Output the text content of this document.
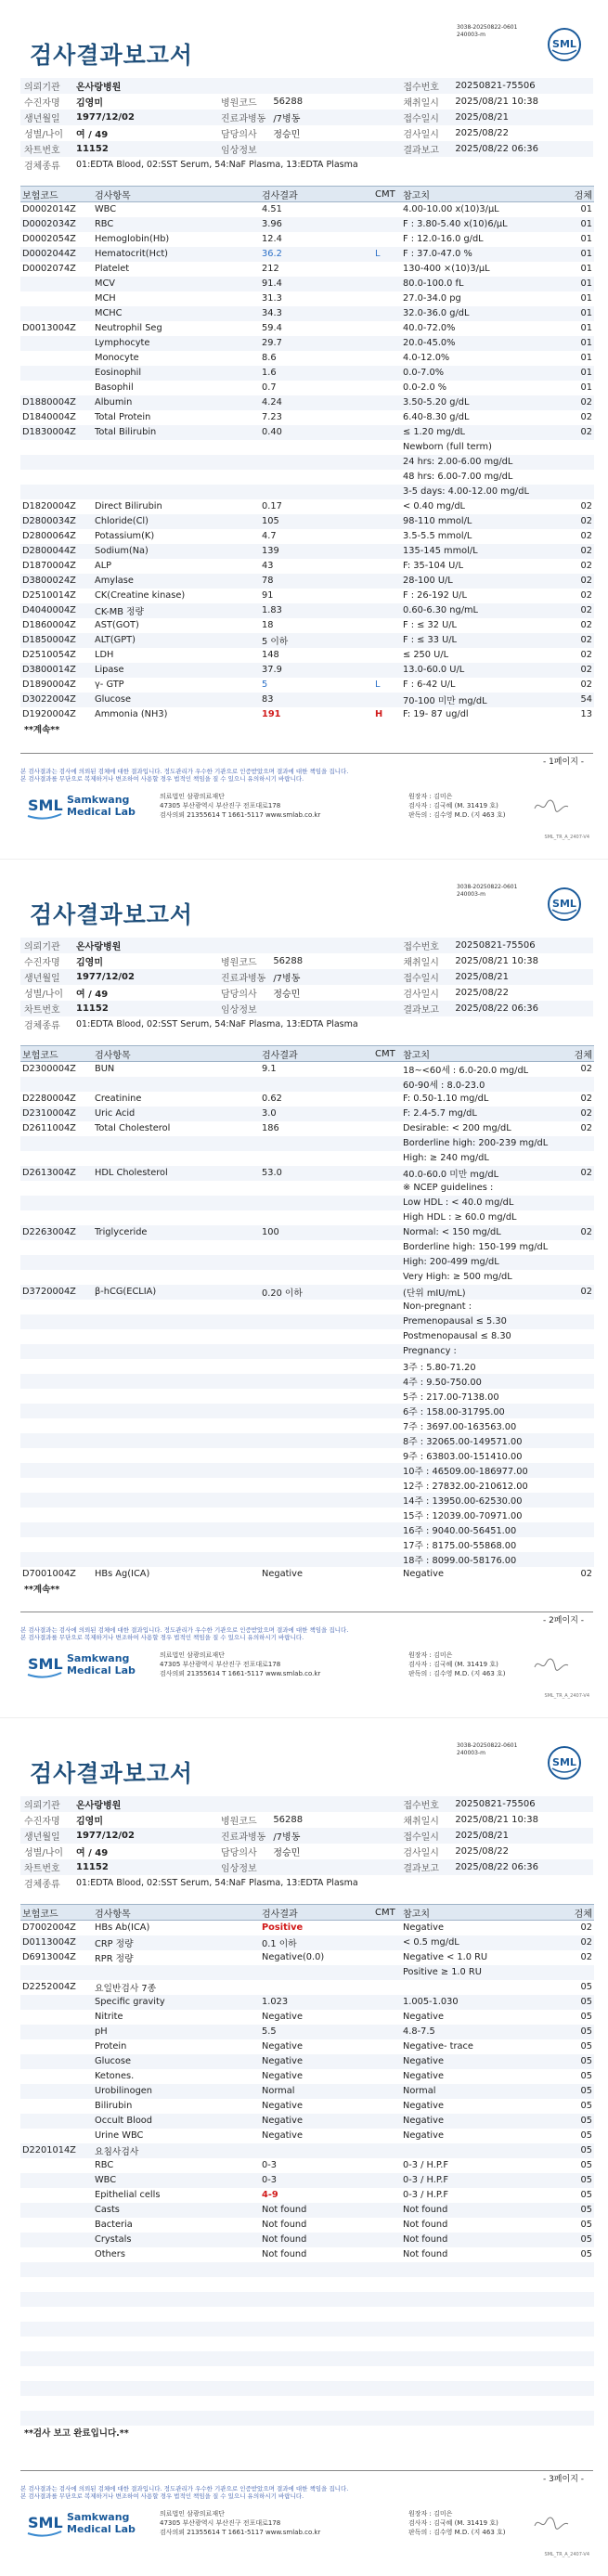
검사결과보고서
3038-20250822-0601
240003-m
SML
의뢰기관	온사랑병원			접수번호	20250821-75506
수진자명	김영미	병원코드	56288	채취일시	2025/08/21 10:38
생년월일	1977/12/02	진료과병동	/7병동	접수일시	2025/08/21
성별/나이	여 / 49	담당의사	정승민	검사일시	2025/08/22
차트번호	11152	임상정보		결과보고	2025/08/22 06:36
검체종류	01:EDTA Blood, 02:SST Serum, 54:NaF Plasma, 13:EDTA Plasma				
보험코드	검사항목	검사결과	CMT	참고치	검체
D0002014Z	WBC	4.51		4.00-10.00 x(10)3/μL	01
D0002034Z	RBC	3.96		F : 3.80-5.40 x(10)6/μL	01
D0002054Z	Hemoglobin(Hb)	12.4		F : 12.0-16.0 g/dL	01
D0002044Z	Hematocrit(Hct)	36.2	L	F : 37.0-47.0 %	01
D0002074Z	Platelet	212		130-400 ×(10)3/μL	01
	MCV	91.4		80.0-100.0 fL	01
	MCH	31.3		27.0-34.0 pg	01
	MCHC	34.3		32.0-36.0 g/dL	01
D0013004Z	Neutrophil Seg	59.4		40.0-72.0%	01
	Lymphocyte	29.7		20.0-45.0%	01
	Monocyte	8.6		4.0-12.0%	01
	Eosinophil	1.6		0.0-7.0%	01
	Basophil	0.7		0.0-2.0 %	01
D1880004Z	Albumin	4.24		3.50-5.20 g/dL	02
D1840004Z	Total Protein	7.23		6.40-8.30 g/dL	02
D1830004Z	Total Bilirubin	0.40		≤ 1.20 mg/dL	02
				Newborn (full term)	
				24 hrs: 2.00-6.00 mg/dL	
				48 hrs: 6.00-7.00 mg/dL	
				3-5 days: 4.00-12.00 mg/dL	
D1820004Z	Direct Bilirubin	0.17		< 0.40 mg/dL	02
D2800034Z	Chloride(Cl)	105		98-110 mmol/L	02
D2800064Z	Potassium(K)	4.7		3.5-5.5 mmol/L	02
D2800044Z	Sodium(Na)	139		135-145 mmol/L	02
D1870004Z	ALP	43		F: 35-104 U/L	02
D3800024Z	Amylase	78		28-100 U/L	02
D2510014Z	CK(Creatine kinase)	91		F : 26-192 U/L	02
D4040004Z	CK-MB 정량	1.83		0.60-6.30 ng/mL	02
D1860004Z	AST(GOT)	18		F : ≤ 32 U/L	02
D1850004Z	ALT(GPT)	5 이하		F : ≤ 33 U/L	02
D2510054Z	LDH	148		≤ 250 U/L	02
D3800014Z	Lipase	37.9		13.0-60.0 U/L	02
D1890004Z	γ- GTP	5	L	F : 6-42 U/L	02
D3022004Z	Glucose	83		70-100 미만 mg/dL	54
D1920004Z	Ammonia (NH3)	191	H	F: 19- 87 ug/dl	13
**계속**
- 1페이지 -
본 검사결과는 검사에 의뢰된 검체에 대한 결과입니다. 정도관리가 우수한 기관으로 인증받았으며 결과에 대한 책임을 집니다.
본 검사결과를 무단으로 복제하거나 변조하여 사용할 경우 법적인 책임을 질 수 있으니 유의하시기 바랍니다.
SML Samkwang
Medical Lab
의료법인 삼광의료재단
47305 부산광역시 부산진구 전포대로178
검사의뢰 21355614 T 1661-5117 www.smlab.co.kr
원장자 : 김미은
검사자 : 김국혜 (M. 31419 호)
판독의 : 김수영 M.D. (지 463 호)
SML_TR_A_2407-V4
검사결과보고서
3038-20250822-0601
240003-m
SML
의뢰기관	온사랑병원			접수번호	20250821-75506
수진자명	김영미	병원코드	56288	채취일시	2025/08/21 10:38
생년월일	1977/12/02	진료과병동	/7병동	접수일시	2025/08/21
성별/나이	여 / 49	담당의사	정승민	검사일시	2025/08/22
차트번호	11152	임상정보		결과보고	2025/08/22 06:36
검체종류	01:EDTA Blood, 02:SST Serum, 54:NaF Plasma, 13:EDTA Plasma				
보험코드	검사항목	검사결과	CMT	참고치	검체
D2300004Z	BUN	9.1		18~<60세 : 6.0-20.0 mg/dL	02
				60-90세 : 8.0-23.0	
D2280004Z	Creatinine	0.62		F: 0.50-1.10 mg/dL	02
D2310004Z	Uric Acid	3.0		F: 2.4-5.7 mg/dL	02
D2611004Z	Total Cholesterol	186		Desirable: < 200 mg/dL	02
				Borderline high: 200-239 mg/dL	
				High: ≥ 240 mg/dL	
D2613004Z	HDL Cholesterol	53.0		40.0-60.0 미만 mg/dL	02
				※ NCEP guidelines :	
				Low HDL : < 40.0 mg/dL	
				High HDL : ≥ 60.0 mg/dL	
D2263004Z	Triglyceride	100		Normal: < 150 mg/dL	02
				Borderline high: 150-199 mg/dL	
				High: 200-499 mg/dL	
				Very High: ≥ 500 mg/dL	
D3720004Z	β-hCG(ECLIA)	0.20 이하		(단위 mIU/mL)	02
				Non-pregnant :	
				Premenopausal ≤ 5.30	
				Postmenopausal ≤ 8.30	
				Pregnancy :	
				3주 : 5.80-71.20	
				4주 : 9.50-750.00	
				5주 : 217.00-7138.00	
				6주 : 158.00-31795.00	
				7주 : 3697.00-163563.00	
				8주 : 32065.00-149571.00	
				9주 : 63803.00-151410.00	
				10주 : 46509.00-186977.00	
				12주 : 27832.00-210612.00	
				14주 : 13950.00-62530.00	
				15주 : 12039.00-70971.00	
				16주 : 9040.00-56451.00	
				17주 : 8175.00-55868.00	
				18주 : 8099.00-58176.00	
D7001004Z	HBs Ag(ICA)	Negative		Negative	02
**계속**
- 2페이지 -
본 검사결과는 검사에 의뢰된 검체에 대한 결과입니다. 정도관리가 우수한 기관으로 인증받았으며 결과에 대한 책임을 집니다.
본 검사결과를 무단으로 복제하거나 변조하여 사용할 경우 법적인 책임을 질 수 있으니 유의하시기 바랍니다.
SML Samkwang
Medical Lab
의료법인 삼광의료재단
47305 부산광역시 부산진구 전포대로178
검사의뢰 21355614 T 1661-5117 www.smlab.co.kr
원장자 : 김미은
검사자 : 김국혜 (M. 31419 호)
판독의 : 김수영 M.D. (지 463 호)
SML_TR_A_2407-V4
검사결과보고서
3038-20250822-0601
240003-m
SML
의뢰기관	온사랑병원			접수번호	20250821-75506
수진자명	김영미	병원코드	56288	채취일시	2025/08/21 10:38
생년월일	1977/12/02	진료과병동	/7병동	접수일시	2025/08/21
성별/나이	여 / 49	담당의사	정승민	검사일시	2025/08/22
차트번호	11152	임상정보		결과보고	2025/08/22 06:36
검체종류	01:EDTA Blood, 02:SST Serum, 54:NaF Plasma, 13:EDTA Plasma				
보험코드	검사항목	검사결과	CMT	참고치	검체
D7002004Z	HBs Ab(ICA)	Positive		Negative	02
D0113004Z	CRP 정량	0.1 이하		< 0.5 mg/dL	02
D6913004Z	RPR 정량	Negative(0.0)		Negative < 1.0 RU	02
				Positive ≥ 1.0 RU	
D2252004Z	요일반검사 7종				05
	Specific gravity	1.023		1.005-1.030	05
	Nitrite	Negative		Negative	05
	pH	5.5		4.8-7.5	05
	Protein	Negative		Negative- trace	05
	Glucose	Negative		Negative	05
	Ketones.	Negative		Negative	05
	Urobilinogen	Normal		Normal	05
	Bilirubin	Negative		Negative	05
	Occult Blood	Negative		Negative	05
	Urine WBC	Negative		Negative	05
D2201014Z	요침사검사				05
	RBC	0-3		0-3 / H.P.F	05
	WBC	0-3		0-3 / H.P.F	05
	Epithelial cells	4-9		0-3 / H.P.F	05
	Casts	Not found		Not found	05
	Bacteria	Not found		Not found	05
	Crystals	Not found		Not found	05
	Others	Not found		Not found	05

**검사 보고 완료입니다.**
- 3페이지 -
본 검사결과는 검사에 의뢰된 검체에 대한 결과입니다. 정도관리가 우수한 기관으로 인증받았으며 결과에 대한 책임을 집니다.
본 검사결과를 무단으로 복제하거나 변조하여 사용할 경우 법적인 책임을 질 수 있으니 유의하시기 바랍니다.
SML Samkwang
Medical Lab
의료법인 삼광의료재단
47305 부산광역시 부산진구 전포대로178
검사의뢰 21355614 T 1661-5117 www.smlab.co.kr
원장자 : 김미은
검사자 : 김국혜 (M. 31419 호)
판독의 : 김수영 M.D. (지 463 호)
SML_TR_A_2407-V4
